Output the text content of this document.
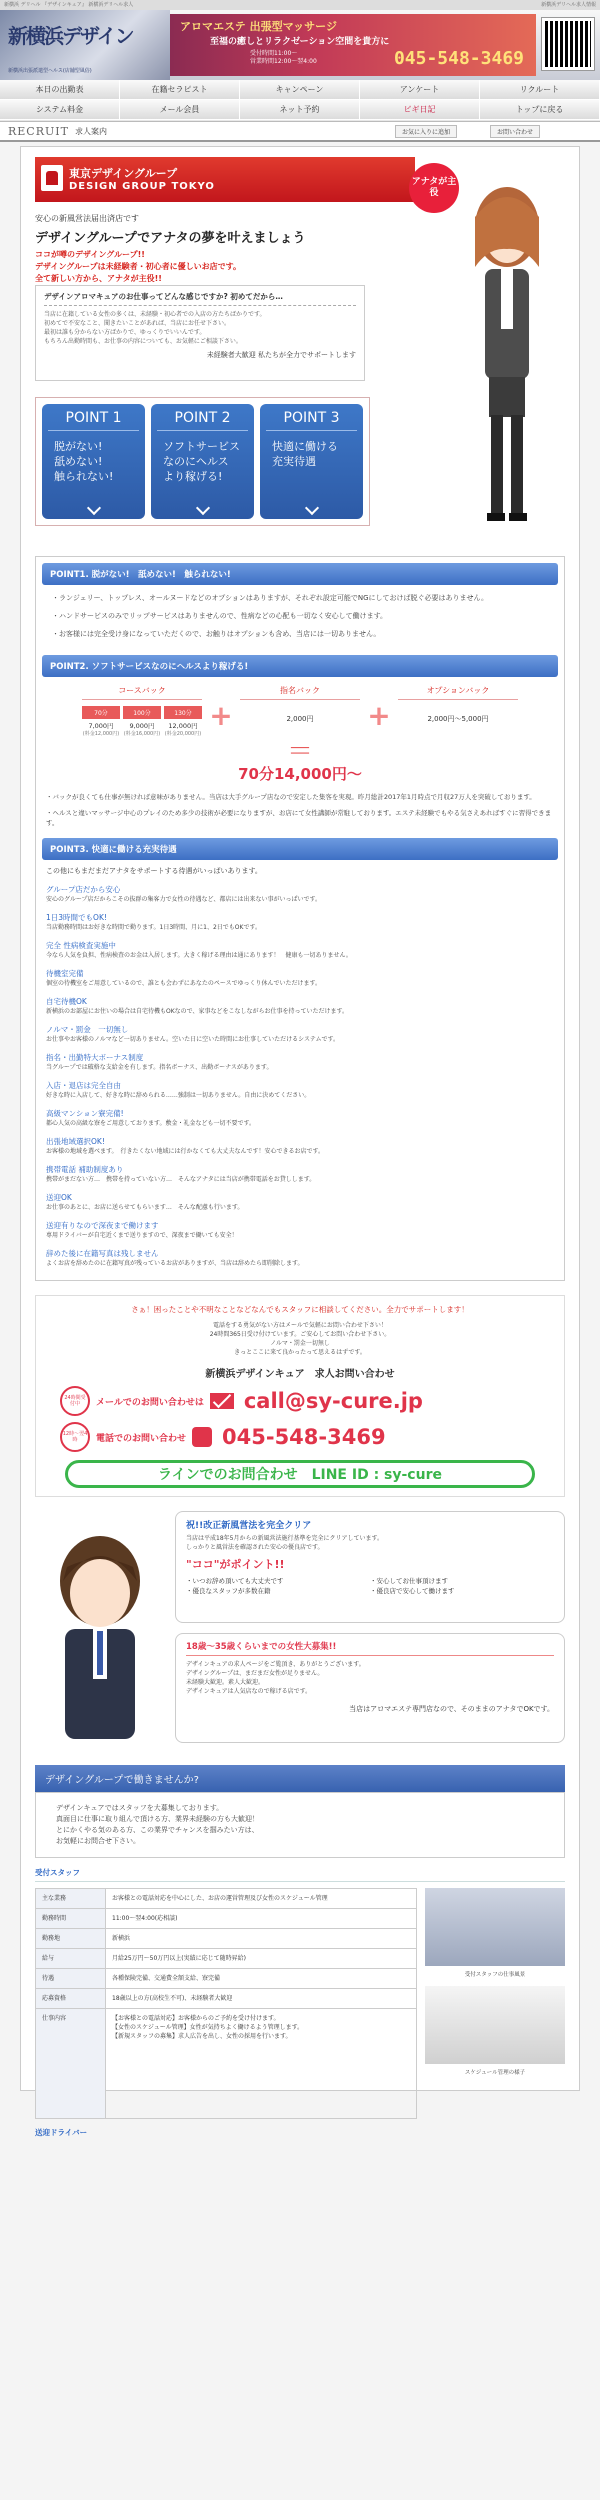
新横浜 デリヘル 『デザインキュア』 新横浜デリヘル求人	新横浜デリヘル求人情報
新横浜デザイン
新横浜出張派遣型ヘルス(店舗型風俗)
アロマエステ 出張型マッサージ
至福の癒しとリラクゼーション空間を貴方に
受付時間11:00〜
営業時間12:00〜翌4:00	045-548-3469
本日の出勤表	在籍セラピスト	キャンペーン	アンケート	リクルート
システム料金	メール会員	ネット予約	ビギ日記	トップに戻る
RECRUIT 求人案内	お気に入りに追加	お問い合わせ
東京デザイングループ
DESIGN GROUP TOKYO
安心の新風営法届出済店です
デザイングループでアナタの夢を叶えましょう
ココが噂のデザイングループ!!
デザイングループは未経験者・初心者に優しいお店です。
全て新しい方から、アナタが主役!!
デザインアロマキュアのお仕事ってどんな感じですか? 初めてだから…
当店に在籍している女性の多くは、未経験・初心者での入店の方たちばかりです。
初めてで不安なこと、聞きたいことがあれば、当店にお任せ下さい。
最初は誰も分からない方ばかりで、ゆっくりでいいんです。
もちろん出勤時間も、お仕事の内容についても、お気軽にご相談下さい。
未経験者大歓迎 私たちが全力でサポートします
アナタが主役
POINT 1
脱がない!
舐めない!
触られない!
POINT 2
ソフトサービス
なのにヘルス
より稼げる!
POINT 3
快適に働ける
充実待遇
POINT1. 脱がない!　舐めない!　触られない!

・ランジェリー、トップレス、オールヌードなどのオプションはありますが、それぞれ設定可能でNGにしておけば脱ぐ必要はありません。

・ハンドサービスのみでリップサービスはありませんので、性病などの心配も一切なく安心して働けます。

・お客様には完全受け身になっていただくので、お触りはオプションも含め、当店には一切ありません。

POINT2. ソフトサービスなのにヘルスより稼げる!
コースバック
70分
7,000円
(料金12,000円)
100分
9,000円
(料金16,000円)
130分
12,000円
(料金20,000円)
+
指名バック
2,000円	+
オプションバック
2,000円〜5,000円
＝
70分14,000円〜
・バックが良くても仕事が無ければ意味がありません。当店は大手グループ店なので安定した集客を実現。昨月総計2017年1月時点で月収27万人を突破しております。
・ヘルスと違いマッサージ中心のプレイのため多少の技術が必要になりますが、お店にて女性講師が常駐しております。エステ未経験でもやる気さえあればすぐに習得できます。
POINT3. 快適に働ける充実待遇
この他にもまだまだアナタをサポートする待遇がいっぱいあります。
グループ店だから安心
安心のグループ店だからこその抜群の集客力で女性の待遇など、都店には出来ない事がいっぱいです。
1日3時間でもOK!
当店勤務時間はお好きな時間で勤ります。1日3時間、月に1、2日でもOKです。
完全 性病検査実施中
今なら人気を負担、性病検査のお金は入居します。大きく稼げる理由は通にあります！　健康も一切ありません。
待機室完備
個室の待機室をご用意しているので、誰とも会わずにあなたのペースでゆっくり休んでいただけます。
自宅待機OK
新横浜のお部屋にお住いの場合は自宅待機もOKなので、家事などをこなしながらお仕事を持っていただけます。
ノルマ・罰金　一切無し
お仕事やお客様のノルマなど一切ありません。空いた日に空いた時間にお仕事していただけるシステムです。
指名・出勤特大ボーナス制度
当グループでは破格な支給金を有します。指名ボーナス、出勤ボーナスがあります。
入店・退店は完全自由
好きな時に入店して、好きな時に辞められる……強制は一切ありません。自由に決めてください。
高級マンション寮完備!
都心人気の高級な寮をご用意しております。敷金・礼金なども一切不要です。
出張地域選択OK!
お客様の地域を選べます。　行きたくない地域には行かなくても大丈夫なんです！安心できるお店です。
携帯電話 補助制度あり
携帯がまだない方…　携帯を持っていない方…　そんなアナタには当店が携帯電話をお貸しします。
送迎OK
お仕事のあとに、お店に送らせてもらいます…　そんな配慮も行います。
送迎有りなので深夜まで働けます
専用ドライバーが自宅近くまで送りますので、深夜まで働いても安全！
辞めた後に在籍写真は残しません
よくお店を辞めたのに在籍写真が残っているお店がありますが、当店は辞めたら即削除します。
さぁ！困ったことや不明なことなどなんでもスタッフに相談してください。全力でサポートします！
電話をする勇気がない方はメールで気軽にお問い合わせ下さい！
24時間365日受け付けています。ご安心してお問い合わせ下さい。
ノルマ・罰金一切無し
きっとここに来て良かったって思えるはずです。
新横浜デザインキュア　求人お問い合わせ
24時間受付中	メールでのお問い合わせは call@sy-cure.jp
12時〜翌4時	電話でのお問い合わせ 045-548-3469
ラインでのお問合わせ　LINE ID : sy-cure
祝!!改正新風営法を完全クリア
当店は平成18年5月からの新風営法施行基準を完全にクリアしています。
しっかりと風営法を確認された安心の優良店です。
"ココ"がポイント!!
・いつお辞め頂いても大丈夫です	・安心してお仕事頂けます
・優良なスタッフが多数在籍	・優良店で安心して働けます
18歳〜35歳くらいまでの女性大募集!!
デザインキュアの求人ページをご覧頂き、ありがとうございます。
デザイングループは、まだまだ女性が足りません。
未経験大歓迎。素人大歓迎。
デザインキュアは人気店なので稼げる店です。
当店はアロマエステ専門店なので、そのままのアナタでOKです。
デザイングループで働きませんか?
デザインキュアではスタッフを大募集しております。
真面目に仕事に取り組んで頂ける方、業界未経験の方も大歓迎！
とにかくやる気のある方、この業界でチャンスを掴みたい方は、
お気軽にお問合せ下さい。
受付スタッフ
主な業務	お客様との電話対応を中心にした、お店の運営管理及び女性のスケジュール管理
勤務時間	11:00〜翌4:00(応相談)
勤務地	新横浜
給与	月給25万円〜50万円以上(実績に応じて随時昇給)
待遇	各種保険完備、交通費全額支給、寮完備
応募資格	18歳以上の方(高校生不可)、未経験者大歓迎
仕事内容	【お客様との電話対応】お客様からのご予約を受け付けます。
【女性のスケジュール管理】女性が気持ちよく働けるよう管理します。
【新規スタッフの募集】求人広告を出し、女性の採用を行います。
受付スタッフの仕事風景
スケジュール管理の様子
送迎ドライバー
